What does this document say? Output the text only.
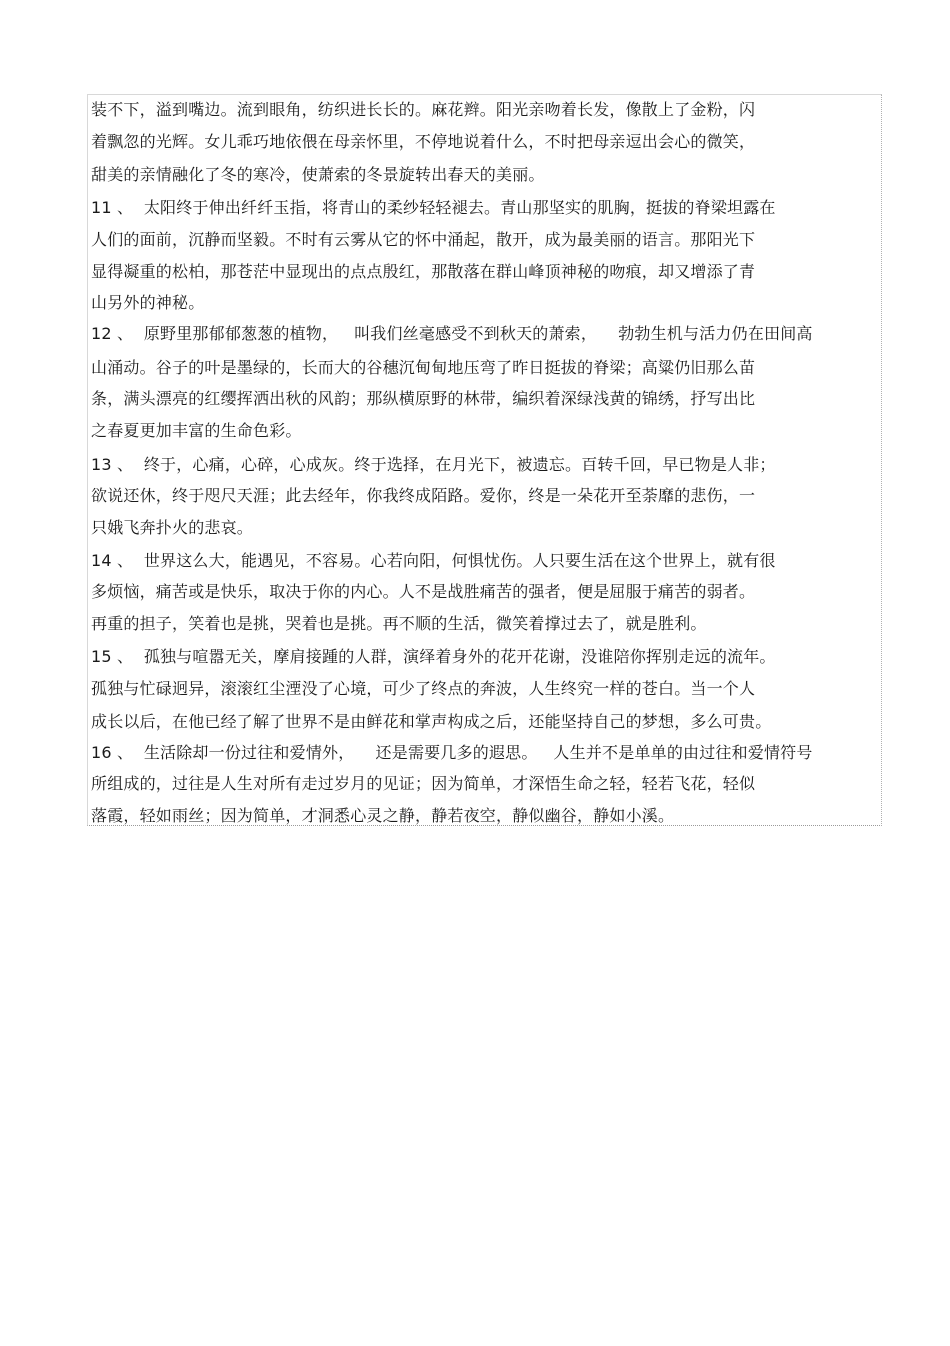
装不下，溢到嘴边。流到眼角，纺织进长长的。麻花辫。阳光亲吻着长发，像散上了金粉，闪
着飘忽的光辉。女儿乖巧地依偎在母亲怀里，不停地说着什么，不时把母亲逗出会心的微笑，
甜美的亲情融化了冬的寒冷，使萧索的冬景旋转出春天的美丽。
11 、  太阳终于伸出纤纤玉指，将青山的柔纱轻轻褪去。青山那坚实的肌胸，挺拔的脊梁坦露在
人们的面前，沉静而坚毅。不时有云雾从它的怀中涌起，散开，成为最美丽的语言。那阳光下
显得凝重的松柏，那苍茫中显现出的点点殷红，那散落在群山峰顶神秘的吻痕，却又增添了青
山另外的神秘。
12 、  原野里那郁郁葱葱的植物，   叫我们丝毫感受不到秋天的萧索，    勃勃生机与活力仍在田间高
山涌动。谷子的叶是墨绿的，长而大的谷穗沉甸甸地压弯了昨日挺拔的脊梁；高粱仍旧那么苗
条，满头漂亮的红缨挥洒出秋的风韵；那纵横原野的林带，编织着深绿浅黄的锦绣，抒写出比
之春夏更加丰富的生命色彩。
13 、  终于，心痛，心碎，心成灰。终于选择，在月光下，被遗忘。百转千回，早已物是人非；
欲说还休，终于咫尺天涯；此去经年，你我终成陌路。爱你，终是一朵花开至荼靡的悲伤，一
只娥飞奔扑火的悲哀。
14 、  世界这么大，能遇见，不容易。心若向阳，何惧忧伤。人只要生活在这个世界上，就有很
多烦恼，痛苦或是快乐，取决于你的内心。人不是战胜痛苦的强者，便是屈服于痛苦的弱者。
再重的担子，笑着也是挑，哭着也是挑。再不顺的生活，微笑着撑过去了，就是胜利。
15 、  孤独与喧嚣无关，摩肩接踵的人群，演绎着身外的花开花谢，没谁陪你挥别走远的流年。
孤独与忙碌迥异，滚滚红尘湮没了心境，可少了终点的奔波，人生终究一样的苍白。当一个人
成长以后，在他已经了解了世界不是由鲜花和掌声构成之后，还能坚持自己的梦想，多么可贵。
16 、  生活除却一份过往和爱情外，    还是需要几多的遐思。   人生并不是单单的由过往和爱情符号
所组成的，过往是人生对所有走过岁月的见证；因为简单，才深悟生命之轻，轻若飞花，轻似
落霞，轻如雨丝；因为简单，才洞悉心灵之静，静若夜空，静似幽谷，静如小溪。
